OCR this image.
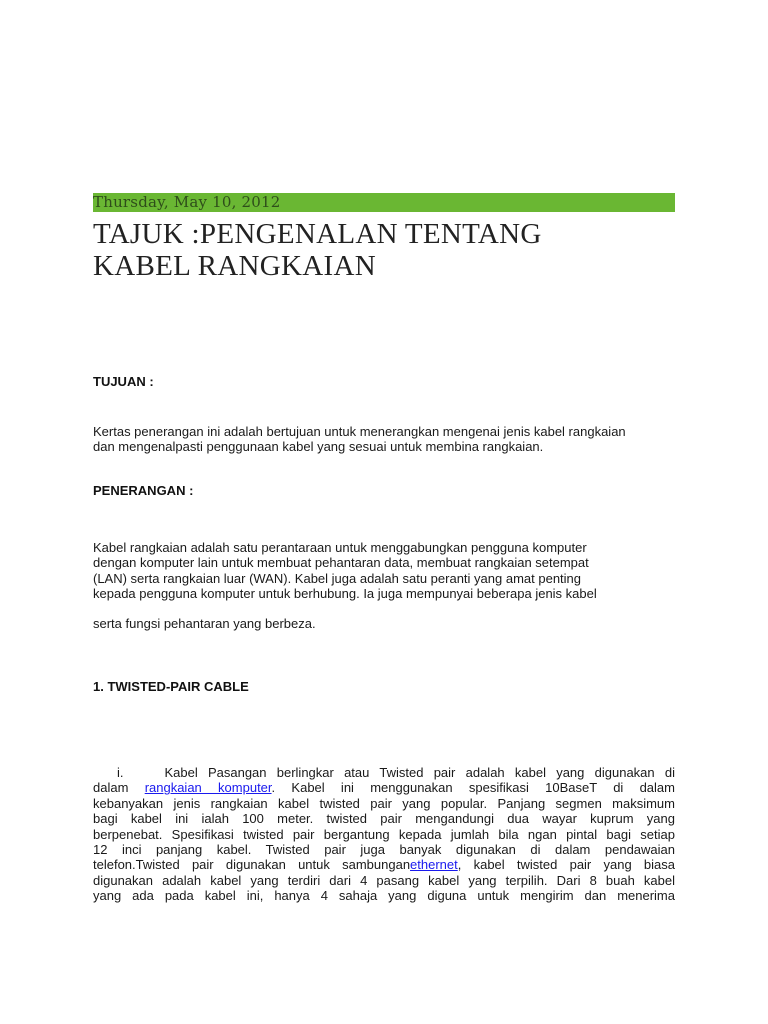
Thursday, May 10, 2012
TAJUK :PENGENALAN TENTANG
KABEL RANGKAIAN
TUJUAN :
Kertas penerangan ini adalah bertujuan untuk menerangkan mengenai jenis kabel rangkaian
dan mengenalpasti penggunaan kabel yang sesuai untuk membina rangkaian.
PENERANGAN :
Kabel rangkaian adalah satu perantaraan untuk menggabungkan pengguna komputer
dengan komputer lain untuk membuat pehantaran data, membuat rangkaian setempat
(LAN) serta rangkaian luar (WAN). Kabel juga adalah satu peranti yang amat penting
kepada pengguna komputer untuk berhubung. Ia juga mempunyai beberapa jenis kabel
serta fungsi pehantaran yang berbeza.
1. TWISTED-PAIR CABLE
i.	Kabel Pasangan berlingkar atau Twisted pair adalah kabel yang digunakan di
dalam rangkaian komputer. Kabel ini menggunakan spesifikasi 10BaseT di dalam
kebanyakan jenis rangkaian kabel twisted pair yang popular. Panjang segmen maksimum
bagi kabel ini ialah 100 meter. twisted pair mengandungi dua wayar kuprum yang
berpenebat. Spesifikasi twisted pair bergantung kepada jumlah bila ngan pintal bagi setiap
12 inci panjang kabel. Twisted pair juga banyak digunakan di dalam pendawaian
telefon.Twisted pair digunakan untuk sambunganethernet, kabel twisted pair yang biasa
digunakan adalah kabel yang terdiri dari 4 pasang kabel yang terpilih. Dari 8 buah kabel
yang ada pada kabel ini, hanya 4 sahaja yang diguna untuk mengirim dan menerima
